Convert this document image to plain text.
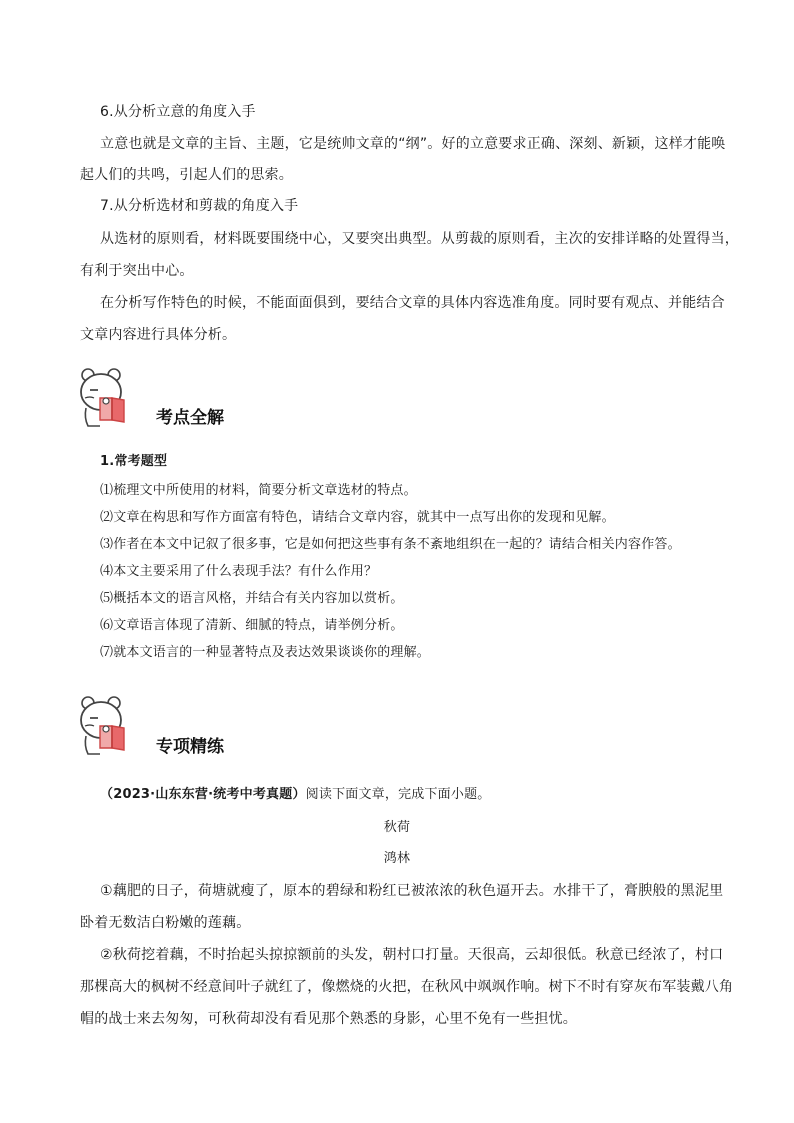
6.从分析立意的角度入手
立意也就是文章的主旨、主题，它是统帅文章的“纲”。好的立意要求正确、深刻、新颖，这样才能唤
起人们的共鸣，引起人们的思索。
7.从分析选材和剪裁的角度入手
从选材的原则看，材料既要围绕中心，又要突出典型。从剪裁的原则看，主次的安排详略的处置得当，
有利于突出中心。
在分析写作特色的时候，不能面面俱到，要结合文章的具体内容选准角度。同时要有观点、并能结合
文章内容进行具体分析。
考点全解
1.常考题型
⑴梳理文中所使用的材料，简要分析文章选材的特点。
⑵文章在构思和写作方面富有特色，请结合文章内容，就其中一点写出你的发现和见解。
⑶作者在本文中记叙了很多事，它是如何把这些事有条不紊地组织在一起的？请结合相关内容作答。
⑷本文主要采用了什么表现手法？有什么作用？
⑸概括本文的语言风格，并结合有关内容加以赏析。
⑹文章语言体现了清新、细腻的特点，请举例分析。
⑺就本文语言的一种显著特点及表达效果谈谈你的理解。
专项精练
（2023·山东东营·统考中考真题）阅读下面文章，完成下面小题。
秋荷
鸿林
①藕肥的日子，荷塘就瘦了，原本的碧绿和粉红已被浓浓的秋色逼开去。水排干了，膏腴般的黑泥里
卧着无数洁白粉嫩的莲藕。
②秋荷挖着藕，不时抬起头掠掠额前的头发，朝村口打量。天很高，云却很低。秋意已经浓了，村口
那棵高大的枫树不经意间叶子就红了，像燃烧的火把，在秋风中飒飒作响。树下不时有穿灰布军装戴八角
帽的战士来去匆匆，可秋荷却没有看见那个熟悉的身影，心里不免有一些担忧。
